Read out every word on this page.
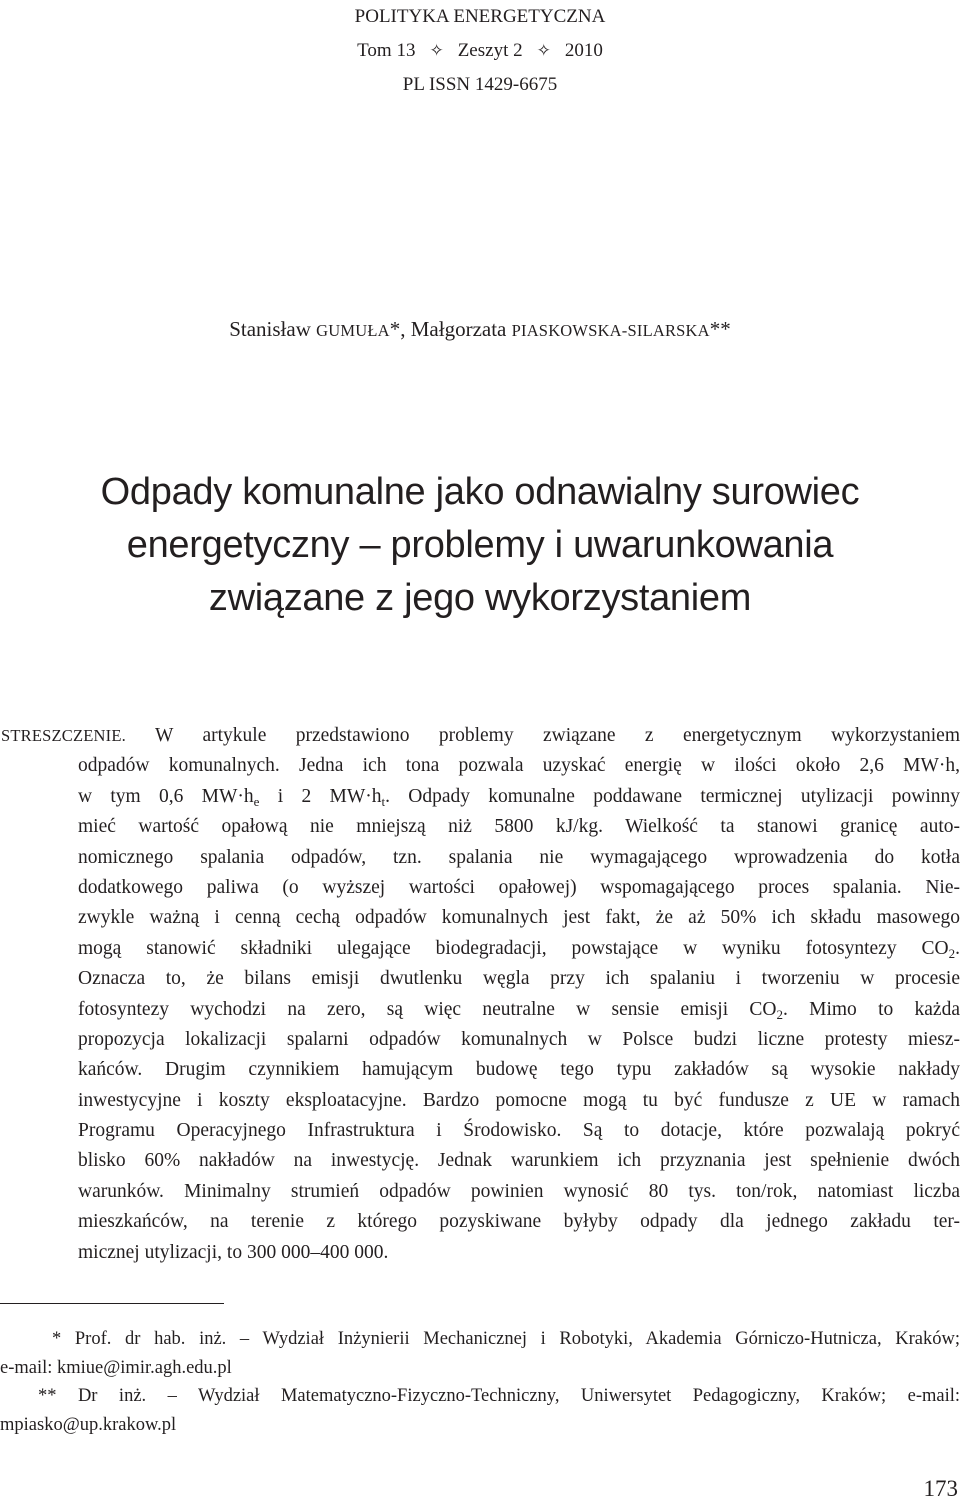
POLITYKA ENERGETYCZNA
Tom 13 ✧ Zeszyt 2 ✧ 2010
PL ISSN 1429-6675
Stanisław GUMUŁA*, Małgorzata PIASKOWSKA-SILARSKA**
Odpady komunalne jako odnawialny surowiec
energetyczny – problemy i uwarunkowania
związane z jego wykorzystaniem
STRESZCZENIE. W artykule przedstawiono problemy związane z energetycznym wykorzystaniem
odpadów komunalnych. Jedna ich tona pozwala uzyskać energię w ilości około 2,6 MW·h,
w tym 0,6 $MW\cdot h_e$ i 2 $MW\cdot h_t$. Odpady komunalne poddawane termicznej utylizacji powinny
mieć wartość opałową nie mniejszą niż 5800 kJ/kg. Wielkość ta stanowi granicę auto-
nomicznego spalania odpadów, tzn. spalania nie wymagającego wprowadzenia do kotła
dodatkowego paliwa (o wyższej wartości opałowej) wspomagającego proces spalania. Nie-
zwykle ważną i cenną cechą odpadów komunalnych jest fakt, że aż 50% ich składu masowego
mogą stanowić składniki ulegające biodegradacji, powstające w wyniku fotosyntezy $CO_2$.
Oznacza to, że bilans emisji dwutlenku węgla przy ich spalaniu i tworzeniu w procesie
fotosyntezy wychodzi na zero, są więc neutralne w sensie emisji $CO_2$. Mimo to każda
propozycja lokalizacji spalarni odpadów komunalnych w Polsce budzi liczne protesty miesz-
kańców. Drugim czynnikiem hamującym budowę tego typu zakładów są wysokie nakłady
inwestycyjne i koszty eksploatacyjne. Bardzo pomocne mogą tu być fundusze z UE w ramach
Programu Operacyjnego Infrastruktura i Środowisko. Są to dotacje, które pozwalają pokryć
blisko 60% nakładów na inwestycję. Jednak warunkiem ich przyznania jest spełnienie dwóch
warunków. Minimalny strumień odpadów powinien wynosić 80 tys. ton/rok, natomiast liczba
mieszkańców, na terenie z którego pozyskiwane byłyby odpady dla jednego zakładu ter-
micznej utylizacji, to 300 000–400 000.
* Prof. dr hab. inż. – Wydział Inżynierii Mechanicznej i Robotyki, Akademia Górniczo-Hutnicza, Kraków;
e-mail: kmiue@imir.agh.edu.pl
** Dr inż. – Wydział Matematyczno-Fizyczno-Techniczny, Uniwersytet Pedagogiczny, Kraków; e-mail:
mpiasko@up.krakow.pl
173
